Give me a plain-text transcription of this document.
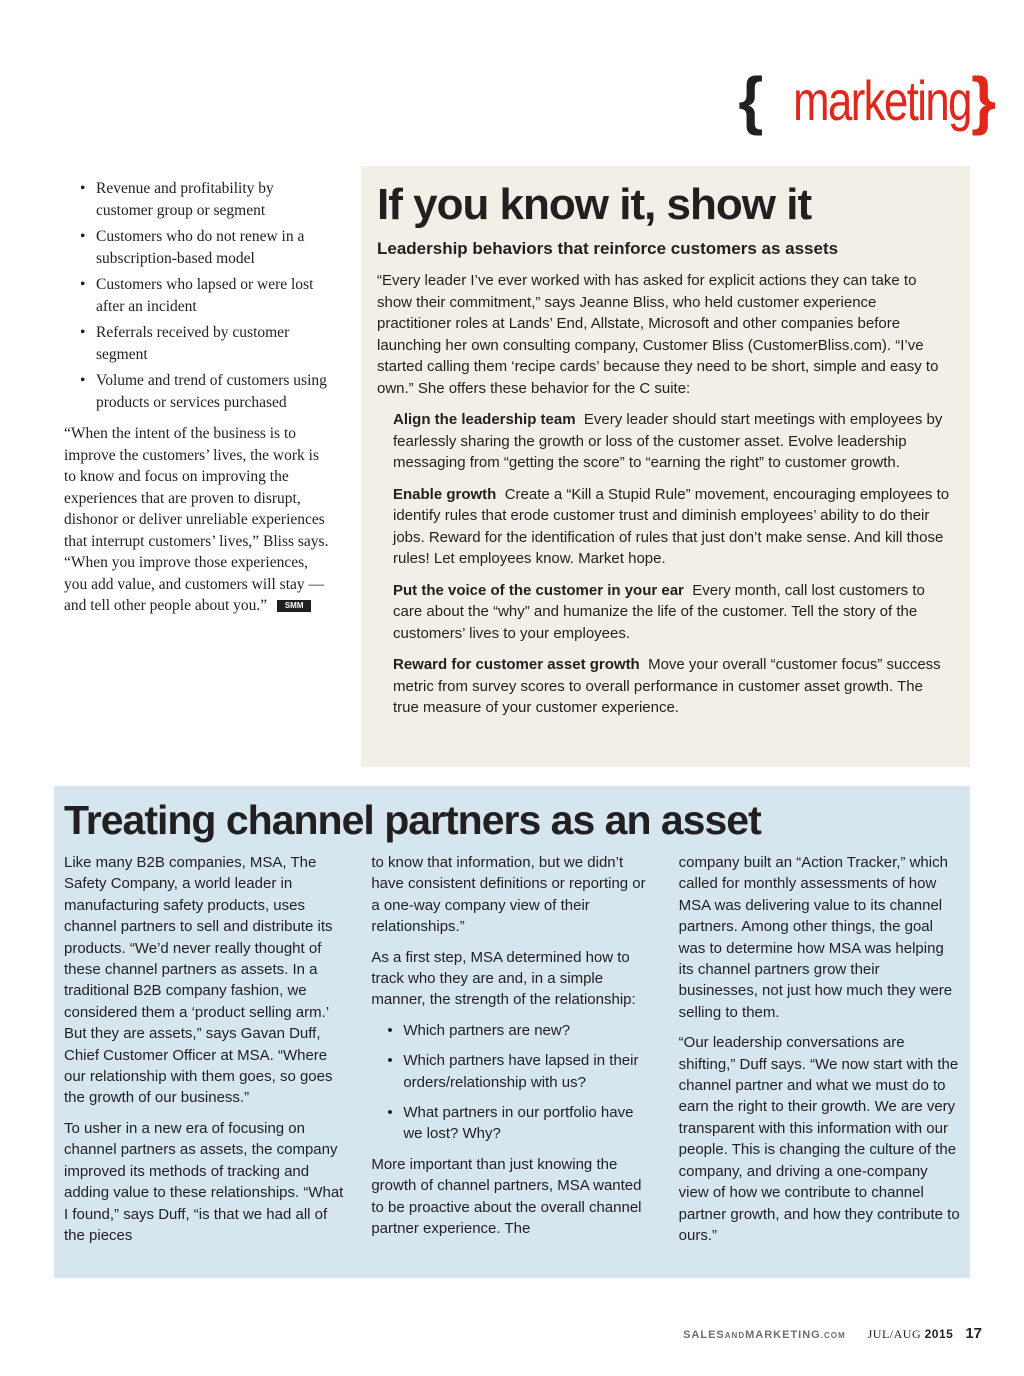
{ marketing }
• Revenue and profitability by customer group or segment
• Customers who do not renew in a subscription-based model
• Customers who lapsed or were lost after an incident
• Referrals received by customer segment
• Volume and trend of customers using products or services purchased

“When the intent of the business is to improve the customers’ lives, the work is to know and focus on improving the experiences that are proven to disrupt, dishonor or deliver unreliable experiences that interrupt customers’ lives,” Bliss says. “When you improve those experiences, you add value, and customers will stay — and tell other people about you.” SMM

If you know it, show it
Leadership behaviors that reinforce customers as assets

“Every leader I’ve ever worked with has asked for explicit actions they can take to show their commitment,” says Jeanne Bliss, who held customer experience practitioner roles at Lands’ End, Allstate, Microsoft and other companies before launching her own consulting company, Customer Bliss (CustomerBliss.com). “I’ve started calling them ‘recipe cards’ because they need to be short, simple and easy to own.” She offers these behavior for the C suite:

Align the leadership team Every leader should start meetings with employees by fearlessly sharing the growth or loss of the customer asset. Evolve leadership messaging from “getting the score” to “earning the right” to customer growth.
Enable growth Create a “Kill a Stupid Rule” movement, encouraging employees to identify rules that erode customer trust and diminish employees’ ability to do their jobs. Reward for the identification of rules that just don’t make sense. And kill those rules! Let employees know. Market hope.
Put the voice of the customer in your ear Every month, call lost customers to care about the “why” and humanize the life of the customer. Tell the story of the customers’ lives to your employees.
Reward for customer asset growth Move your overall “customer focus” success metric from survey scores to overall performance in customer asset growth. The true measure of your customer experience.
Treating channel partners as an asset

Like many B2B companies, MSA, The Safety Company, a world leader in manufacturing safety products, uses channel partners to sell and distribute its products. “We’d never really thought of these channel partners as assets. In a traditional B2B company fashion, we considered them a ‘product selling arm.’ But they are assets,” says Gavan Duff, Chief Customer Officer at MSA. “Where our relationship with them goes, so goes the growth of our business.”

To usher in a new era of focusing on channel partners as assets, the company improved its methods of tracking and adding value to these relationships. “What I found,” says Duff, “is that we had all of the pieces

to know that information, but we didn’t have consistent definitions or reporting or a one-way company view of their relationships.”

As a first step, MSA determined how to track who they are and, in a simple manner, the strength of the relationship:

• Which partners are new?
• Which partners have lapsed in their orders/relationship with us?
• What partners in our portfolio have we lost? Why?

More important than just knowing the growth of channel partners, MSA wanted to be proactive about the overall channel partner experience. The

company built an “Action Tracker,” which called for monthly assessments of how MSA was delivering value to its channel partners. Among other things, the goal was to determine how MSA was helping its channel partners grow their businesses, not just how much they were selling to them.

“Our leadership conversations are shifting,” Duff says. “We now start with the channel partner and what we must do to earn the right to their growth. We are very transparent with this information with our people. This is changing the culture of the company, and driving a one-company view of how we contribute to channel partner growth, and how they contribute to ours.”

SALESANDMARKETING.COM JUL/AUG 2015 17
